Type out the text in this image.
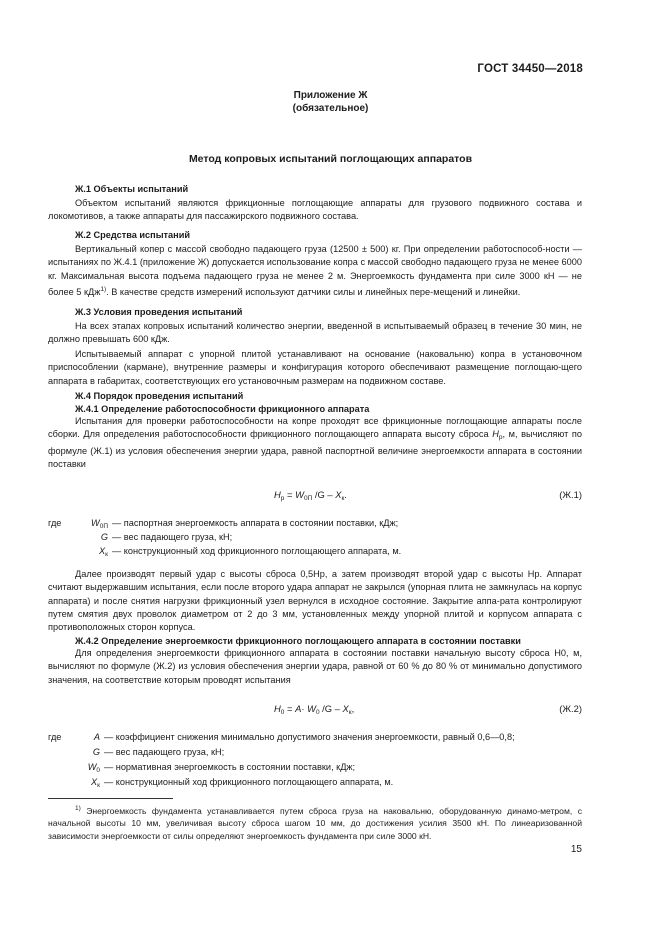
ГОСТ 34450—2018
Приложение Ж
(обязательное)
Метод копровых испытаний поглощающих аппаратов
Ж.1 Объекты испытаний

Объектом испытаний являются фрикционные поглощающие аппараты для грузового подвижного состава и локомотивов, а также аппараты для пассажирского подвижного состава.

Ж.2 Средства испытаний

Вертикальный копер с массой свободно падающего груза (12500 ± 500) кг. При определении работоспособ-ности — испытаниях по Ж.4.1 (приложение Ж) допускается использование копра с массой свободно падающего груза не менее 6000 кг. Максимальная высота подъема падающего груза не менее 2 м. Энергоемкость фундамента при силе 3000 кН — не более 5 кДж$^{1)}$. В качестве средств измерений используют датчики силы и линейных пере-мещений и линейки.

Ж.3 Условия проведения испытаний

На всех этапах копровых испытаний количество энергии, введенной в испытываемый образец в течение 30 мин, не должно превышать 600 кДж.

Испытываемый аппарат с упорной плитой устанавливают на основание (наковальню) копра в установочном приспособлении (кармане), внутренние размеры и конфигурация которого обеспечивают размещение поглощаю-щего аппарата в габаритах, соответствующих его установочным размерам на подвижном составе.

Ж.4 Порядок проведения испытаний
Ж.4.1 Определение работоспособности фрикционного аппарата

Испытания для проверки работоспособности на копре проходят все фрикционные поглощающие аппараты после сборки. Для определения работоспособности фрикционного поглощающего аппарата высоту сброса $H_р$, м, вычисляют по формуле (Ж.1) из условия обеспечения энергии удара, равной паспортной величине энергоемкости аппарата в состоянии поставки

$H_р = W_{0П}$ $/G - X_к$.	(Ж.1)
где	$W_{0П}$ — паспортная энергоемкость аппарата в состоянии поставки, кДж;
G — вес падающего груза, кН;
$X_к$ — конструкционный ход фрикционного поглощающего аппарата, м.

Далее производят первый удар с высоты сброса 0,5Hр, а затем производят второй удар с высоты Hр. Аппарат считают выдержавшим испытания, если после второго удара аппарат не закрылся (упорная плита не замкнулась на корпус аппарата) и после снятия нагрузки фрикционный узел вернулся в исходное состояние. Закрытие аппа-рата контролируют путем смятия двух проволок диаметром от 2 до 3 мм, установленных между упорной плитой и корпусом аппарата с противоположных сторон корпуса.

Ж.4.2 Определение энергоемкости фрикционного поглощающего аппарата в состоянии поставки

Для определения энергоемкости фрикционного аппарата в состоянии поставки начальную высоту сброса H0, м, вычисляют по формуле (Ж.2) из условия обеспечения энергии удара, равной от 60 % до 80 % от минимально допустимого значения, на соответствие которым проводят испытания

$H_0 = A\cdot W_0$ $/G - X_к$,	(Ж.2)
где	A — коэффициент снижения минимально допустимого значения энергоемкости, равный 0,6—0,8;
G — вес падающего груза, кН;
$W_0$ — нормативная энергоемкость в состоянии поставки, кДж;
$X_к$ — конструкционный ход фрикционного поглощающего аппарата, м.

$^{1)}$ Энергоемкость фундамента устанавливается путем сброса груза на наковальню, оборудованную динамо-метром, с начальной высоты 10 мм, увеличивая высоту сброса шагом 10 мм, до достижения усилия 3500 кН. По линеаризованной зависимости энергоемкости от силы определяют энергоемкость фундамента при силе 3000 кН.

15
